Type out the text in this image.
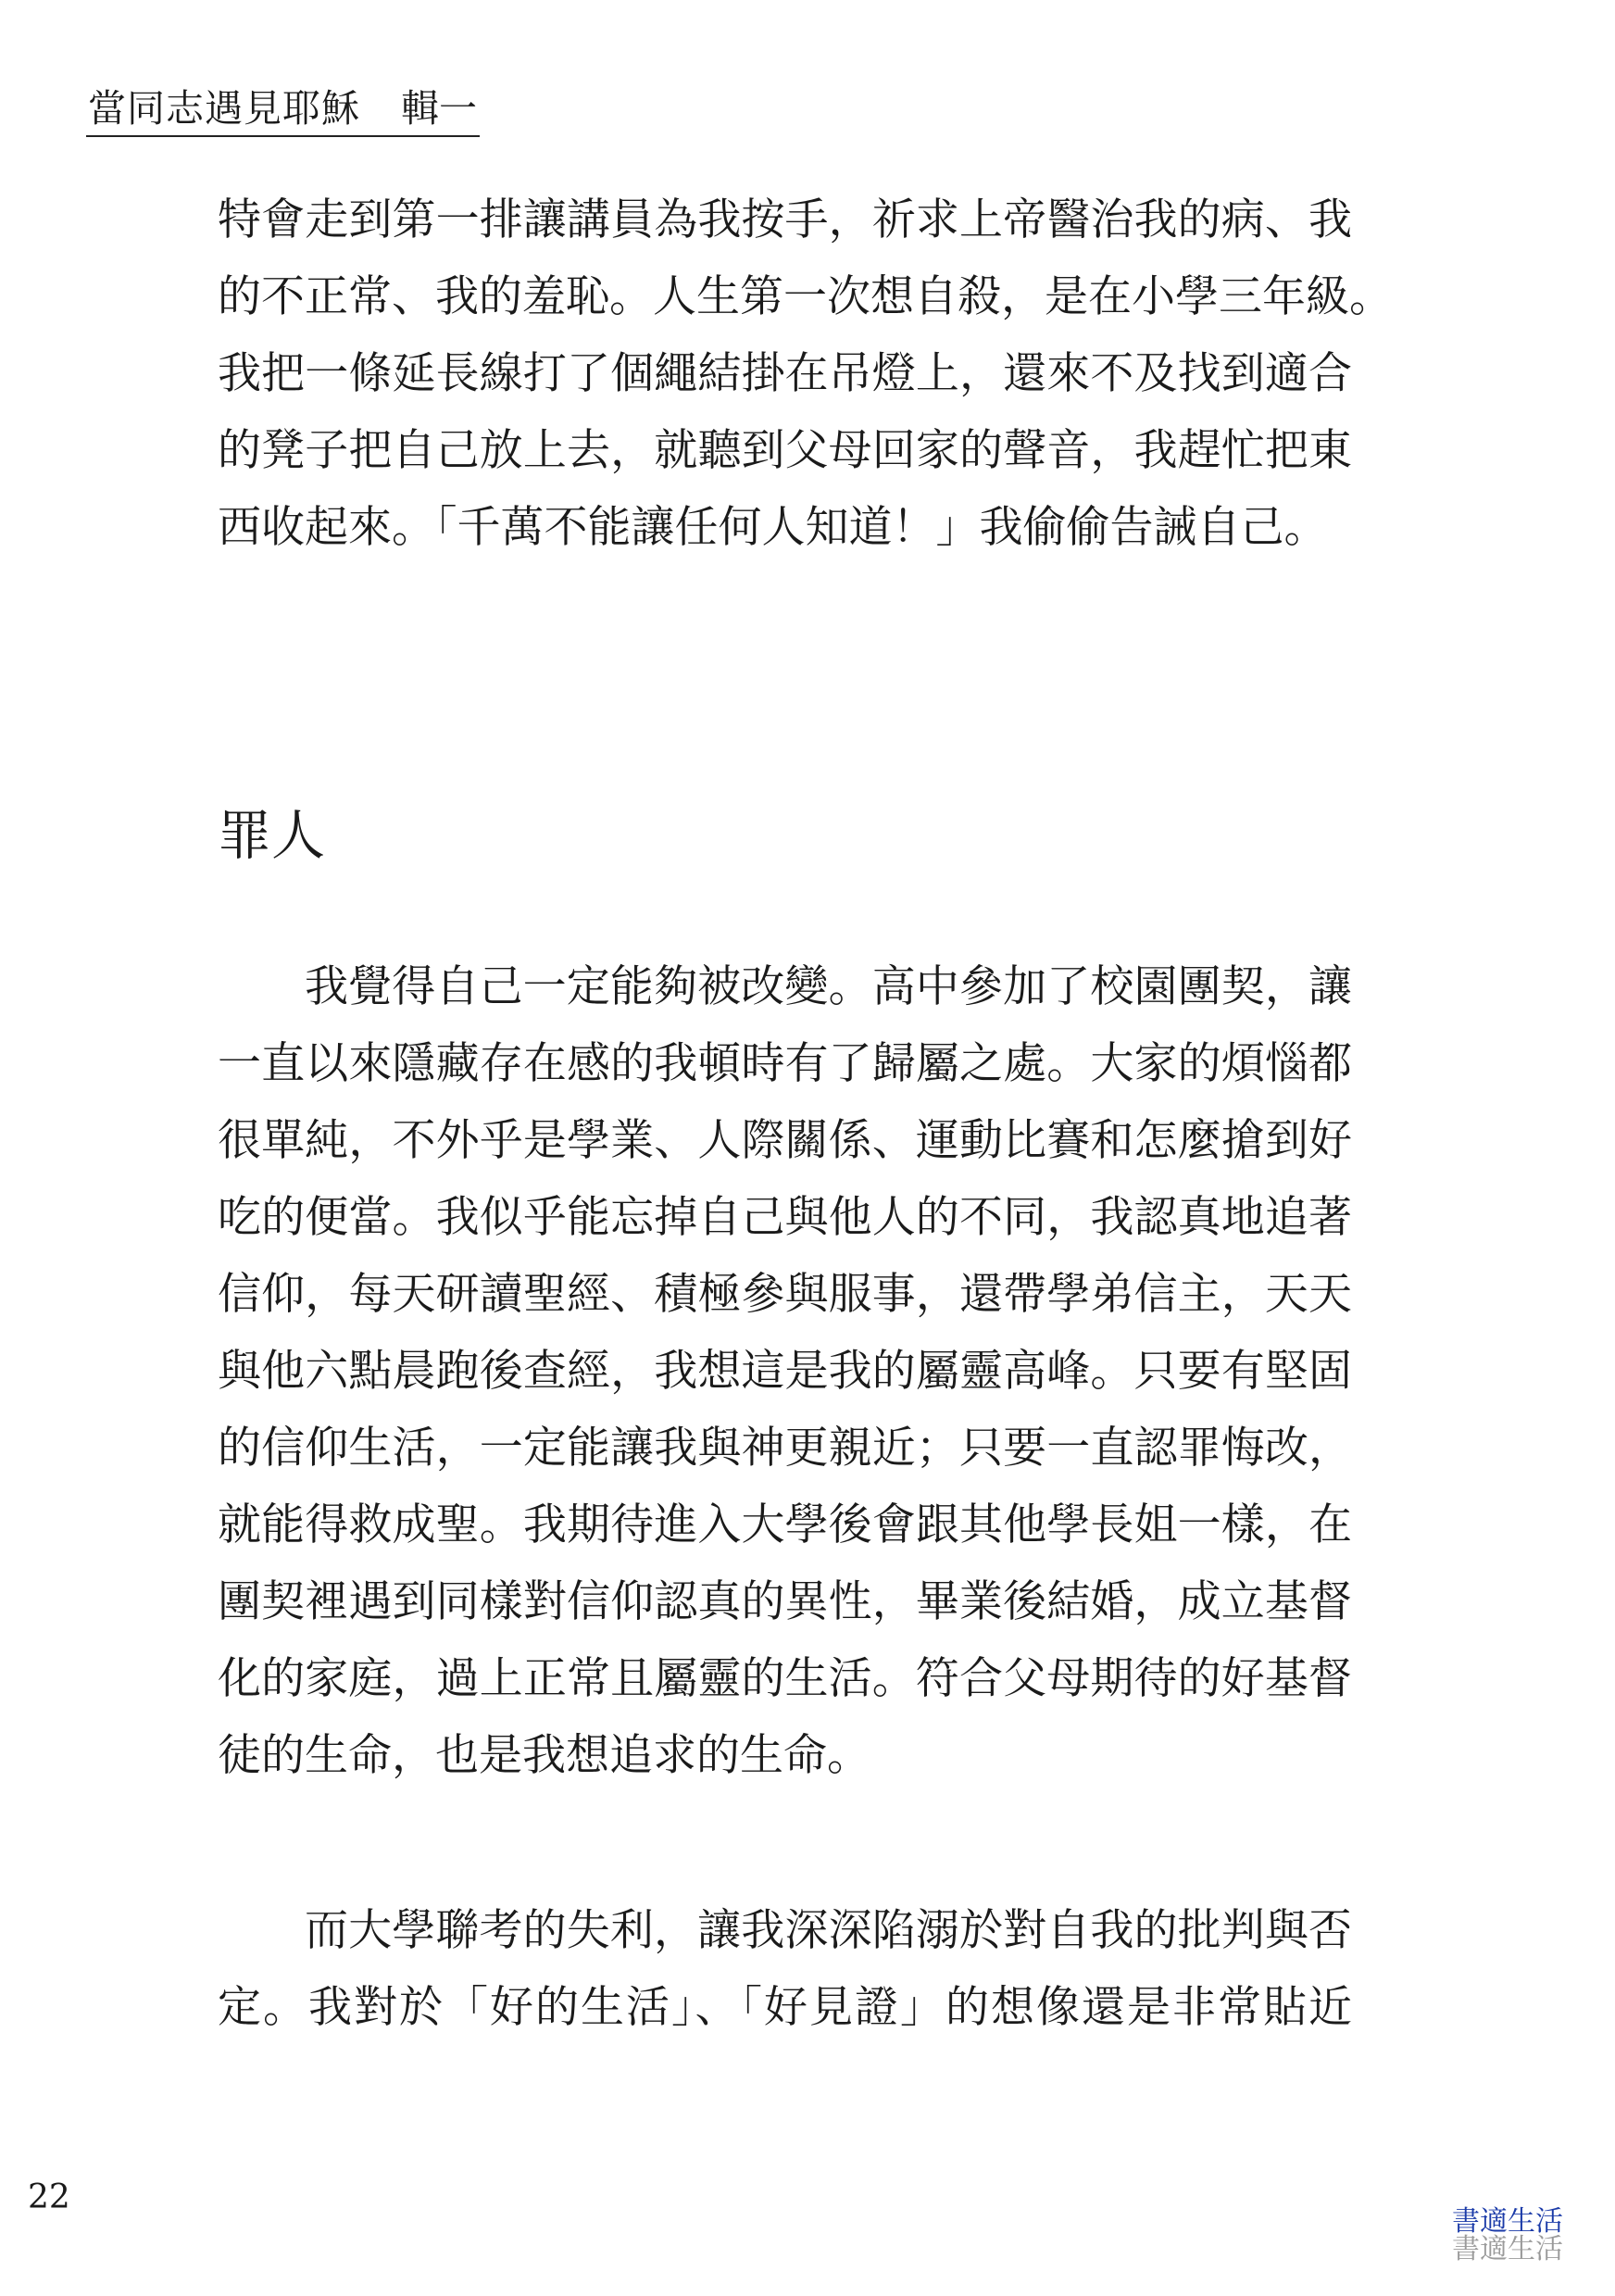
當同志遇見耶穌 輯一
特會走到第一排讓講員為我按手，祈求上帝醫治我的病、我
的不正常、我的羞恥。人生第一次想自殺，是在小學三年級。
我把一條延長線打了個繩結掛在吊燈上，還來不及找到適合
的凳子把自己放上去，就聽到父母回家的聲音，我趕忙把東
西收起來。「千萬不能讓任何人知道！」我偷偷告誡自己。
罪人
我覺得自己一定能夠被改變。高中參加了校園團契，讓
一直以來隱藏存在感的我頓時有了歸屬之處。大家的煩惱都
很單純，不外乎是學業、人際關係、運動比賽和怎麼搶到好
吃的便當。我似乎能忘掉自己與他人的不同，我認真地追著
信仰，每天研讀聖經、積極參與服事，還帶學弟信主，天天
與他六點晨跑後查經，我想這是我的屬靈高峰。只要有堅固
的信仰生活，一定能讓我與神更親近；只要一直認罪悔改，
就能得救成聖。我期待進入大學後會跟其他學長姐一樣，在
團契裡遇到同樣對信仰認真的異性，畢業後結婚，成立基督
化的家庭，過上正常且屬靈的生活。符合父母期待的好基督
徒的生命，也是我想追求的生命。
而大學聯考的失利，讓我深深陷溺於對自我的批判與否
定。我對於「好的生活」、「好見證」的想像還是非常貼近
22
書適生活
書適生活
